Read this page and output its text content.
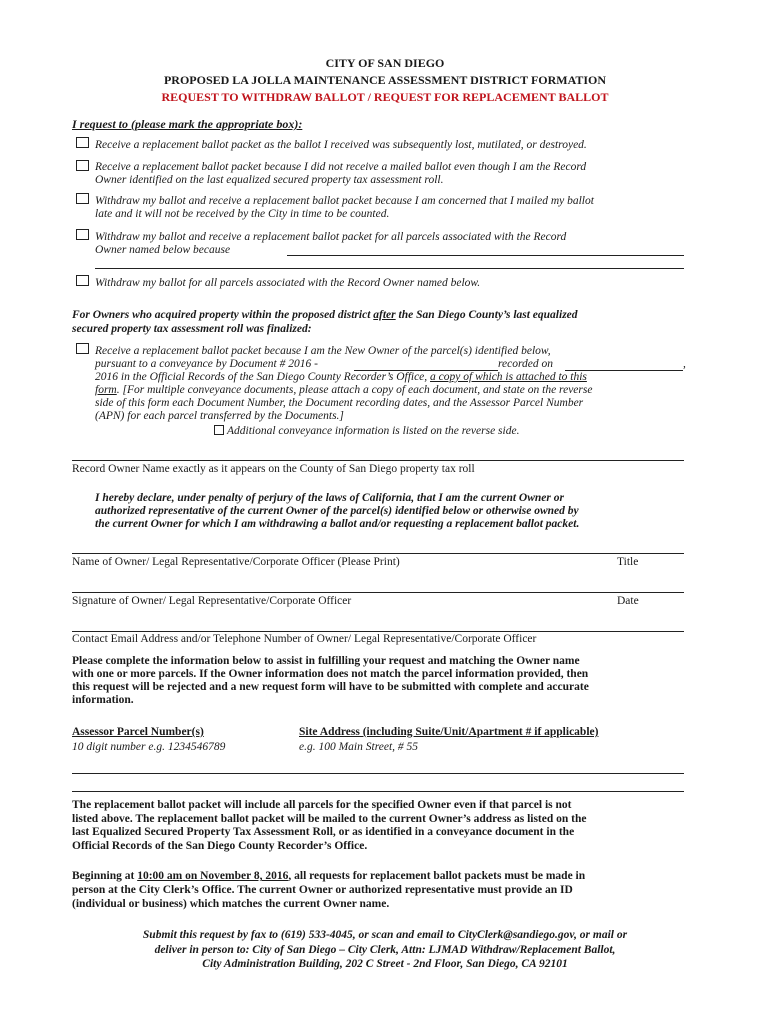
CITY OF SAN DIEGO
PROPOSED LA JOLLA MAINTENANCE ASSESSMENT DISTRICT FORMATION
REQUEST TO WITHDRAW BALLOT / REQUEST FOR REPLACEMENT BALLOT
I request to (please mark the appropriate box):
Receive a replacement ballot packet as the ballot I received was subsequently lost, mutilated, or destroyed.
Receive a replacement ballot packet because I did not receive a mailed ballot even though I am the Record
Owner identified on the last equalized secured property tax assessment roll.
Withdraw my ballot and receive a replacement ballot packet because I am concerned that I mailed my ballot
late and it will not be received by the City in time to be counted.
Withdraw my ballot and receive a replacement ballot packet for all parcels associated with the Record
Owner named below because
Withdraw my ballot for all parcels associated with the Record Owner named below.
For Owners who acquired property within the proposed district after the San Diego County’s last equalized
secured property tax assessment roll was finalized:
Receive a replacement ballot packet because I am the New Owner of the parcel(s) identified below,
pursuant to a conveyance by Document # 2016 -	recorded on	,
2016 in the Official Records of the San Diego County Recorder’s Office, a copy of which is attached to this
form. [For multiple conveyance documents, please attach a copy of each document, and state on the reverse
side of this form each Document Number, the Document recording dates, and the Assessor Parcel Number
(APN) for each parcel transferred by the Documents.]
Additional conveyance information is listed on the reverse side.
Record Owner Name exactly as it appears on the County of San Diego property tax roll
I hereby declare, under penalty of perjury of the laws of California, that I am the current Owner or
authorized representative of the current Owner of the parcel(s) identified below or otherwise owned by
the current Owner for which I am withdrawing a ballot and/or requesting a replacement ballot packet.
Name of Owner/ Legal Representative/Corporate Officer (Please Print)	Title
Signature of Owner/ Legal Representative/Corporate Officer	Date
Contact Email Address and/or Telephone Number of Owner/ Legal Representative/Corporate Officer
Please complete the information below to assist in fulfilling your request and matching the Owner name
with one or more parcels. If the Owner information does not match the parcel information provided, then
this request will be rejected and a new request form will have to be submitted with complete and accurate
information.
Assessor Parcel Number(s)	Site Address (including Suite/Unit/Apartment # if applicable)
10 digit number e.g. 1234546789	e.g. 100 Main Street, # 55
The replacement ballot packet will include all parcels for the specified Owner even if that parcel is not
listed above. The replacement ballot packet will be mailed to the current Owner’s address as listed on the
last Equalized Secured Property Tax Assessment Roll, or as identified in a conveyance document in the
Official Records of the San Diego County Recorder’s Office.
Beginning at 10:00 am on November 8, 2016, all requests for replacement ballot packets must be made in
person at the City Clerk’s Office. The current Owner or authorized representative must provide an ID
(individual or business) which matches the current Owner name.
Submit this request by fax to (619) 533-4045, or scan and email to CityClerk@sandiego.gov, or mail or
deliver in person to: City of San Diego – City Clerk, Attn: LJMAD Withdraw/Replacement Ballot,
City Administration Building, 202 C Street - 2nd Floor, San Diego, CA 92101
